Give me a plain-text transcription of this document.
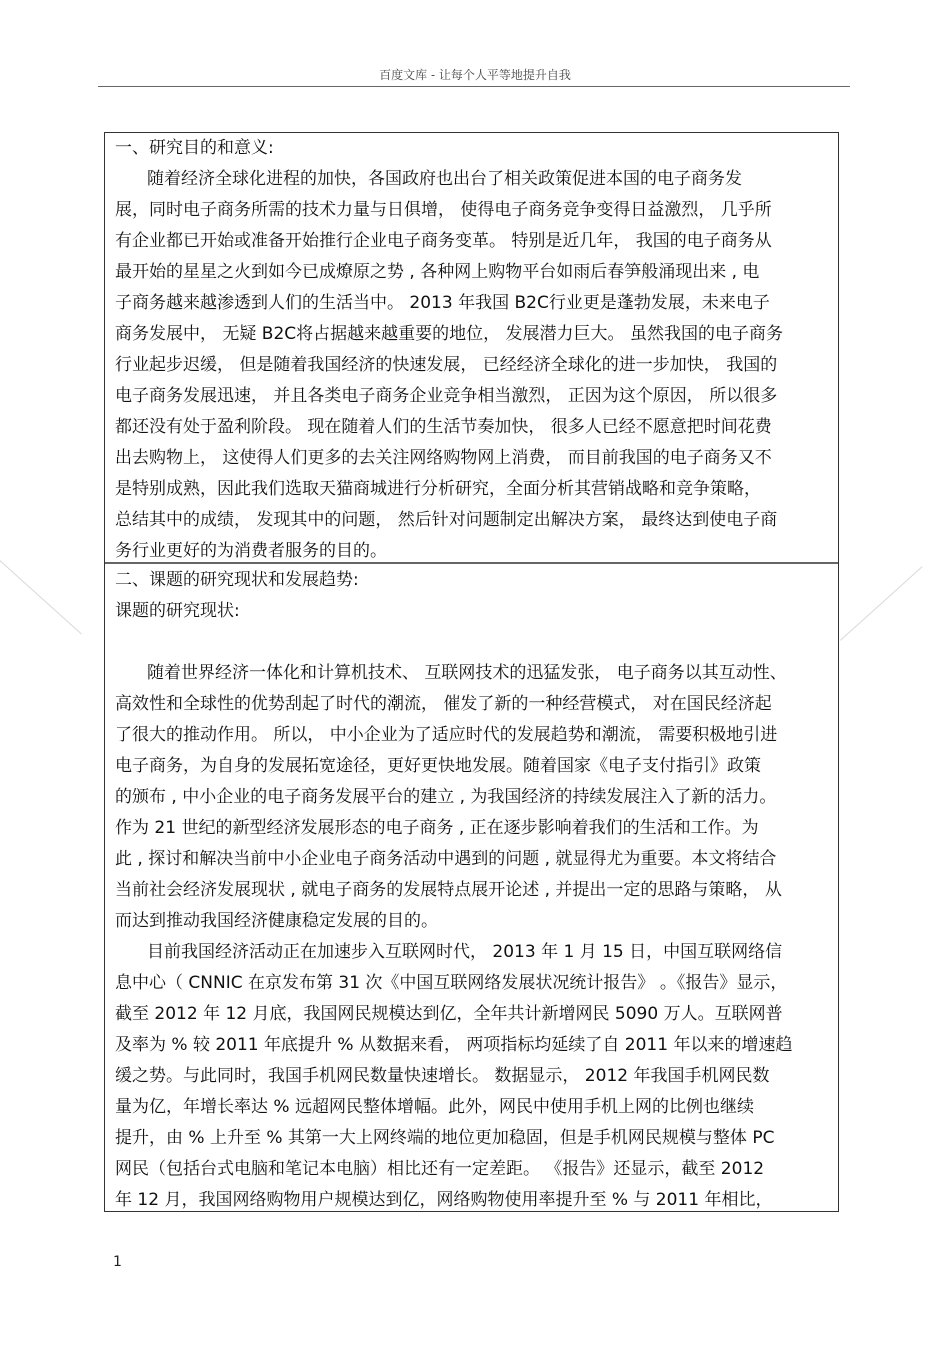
百度文库 - 让每个人平等地提升自我

一、研究目的和意义:

随着经济全球化进程的加快，各国政府也出台了相关政策促进本国的电子商务发

展，同时电子商务所需的技术力量与日俱增， 使得电子商务竞争变得日益激烈， 几乎所

有企业都已开始或准备开始推行企业电子商务变革。 特别是近几年， 我国的电子商务从

最开始的星星之火到如今已成燎原之势 , 各种网上购物平台如雨后春笋般涌现出来 , 电

子商务越来越渗透到人们的生活当中。 2013 年我国 B2C行业更是蓬勃发展，未来电子

商务发展中， 无疑 B2C将占据越来越重要的地位， 发展潜力巨大。 虽然我国的电子商务

行业起步迟缓， 但是随着我国经济的快速发展， 已经经济全球化的进一步加快， 我国的

电子商务发展迅速， 并且各类电子商务企业竞争相当激烈， 正因为这个原因， 所以很多

都还没有处于盈利阶段。 现在随着人们的生活节奏加快， 很多人已经不愿意把时间花费

出去购物上， 这使得人们更多的去关注网络购物网上消费， 而目前我国的电子商务又不

是特别成熟，因此我们选取天猫商城进行分析研究，全面分析其营销战略和竞争策略，

总结其中的成绩， 发现其中的问题， 然后针对问题制定出解决方案， 最终达到使电子商

务行业更好的为消费者服务的目的。

二、课题的研究现状和发展趋势:

课题的研究现状:

随着世界经济一体化和计算机技术、 互联网技术的迅猛发张， 电子商务以其互动性、

高效性和全球性的优势刮起了时代的潮流， 催发了新的一种经营模式， 对在国民经济起

了很大的推动作用。 所以， 中小企业为了适应时代的发展趋势和潮流， 需要积极地引进

电子商务，为自身的发展拓宽途径，更好更快地发展。随着国家《电子支付指引》政策

的颁布 , 中小企业的电子商务发展平台的建立 , 为我国经济的持续发展注入了新的活力。

作为 21 世纪的新型经济发展形态的电子商务 , 正在逐步影响着我们的生活和工作。为

此 , 探讨和解决当前中小企业电子商务活动中遇到的问题 , 就显得尤为重要。本文将结合

当前社会经济发展现状 , 就电子商务的发展特点展开论述 , 并提出一定的思路与策略， 从

而达到推动我国经济健康稳定发展的目的。

目前我国经济活动正在加速步入互联网时代， 2013 年 1 月 15 日，中国互联网络信

息中心（ CNNIC 在京发布第 31 次《中国互联网络发展状况统计报告》 。《报告》显示，

截至 2012 年 12 月底，我国网民规模达到亿，全年共计新增网民 5090 万人。互联网普

及率为 % 较 2011 年底提升 % 从数据来看， 两项指标均延续了自 2011 年以来的增速趋

缓之势。与此同时，我国手机网民数量快速增长。 数据显示， 2012 年我国手机网民数

量为亿，年增长率达 % 远超网民整体增幅。此外，网民中使用手机上网的比例也继续

提升，由 % 上升至 % 其第一大上网终端的地位更加稳固，但是手机网民规模与整体 PC

网民（包括台式电脑和笔记本电脑）相比还有一定差距。 《报告》还显示，截至 2012

年 12 月，我国网络购物用户规模达到亿，网络购物使用率提升至 % 与 2011 年相比，

1
